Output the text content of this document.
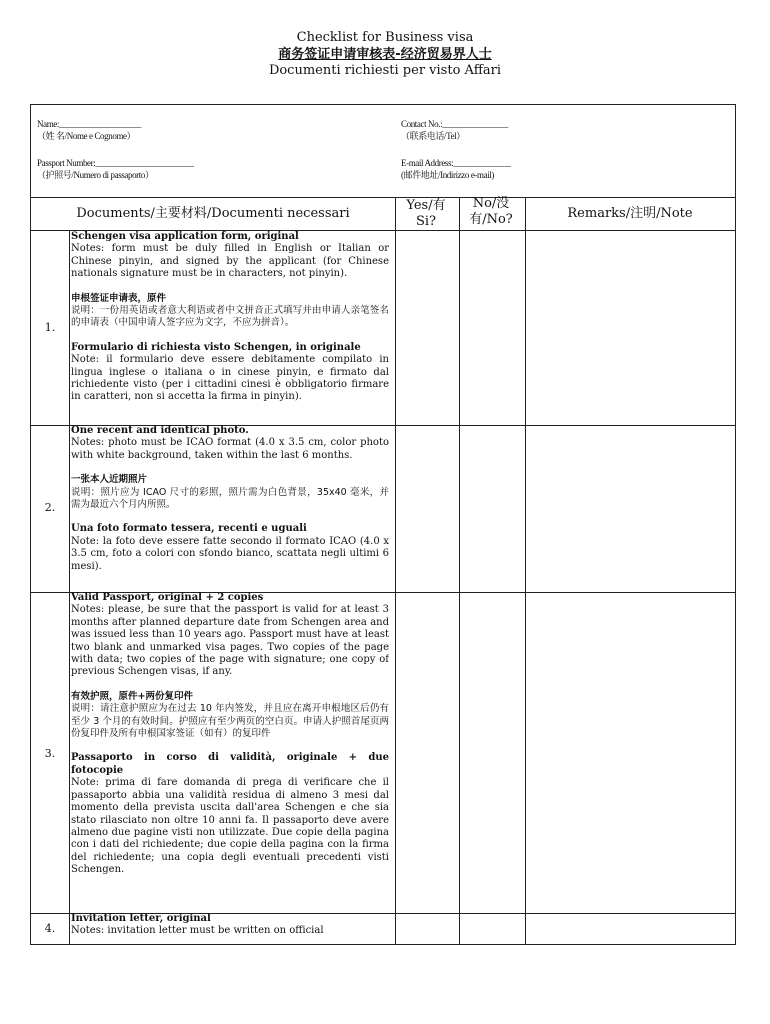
Checklist for Business visa
商务签证申请审核表-经济贸易界人士
Documenti richiesti per visto Affari
Name:____________________
（姓 名/Nome e Cognome）
Contact No.:________________
（联系电话/Tel）
Passport Number:________________________
（护照号/Numero di passaporto）
E-mail Address:______________
(邮件地址/Indirizzo e-mail)
Documents/主要材料/Documenti necessari
Yes/有
Si?
No/没
有/No?	Remarks/注明/Note
1.

Schengen visa application form, original

Notes: form must be duly filled in English or Italian or Chinese pinyin, and signed by the applicant (for Chinese nationals signature must be in characters, not pinyin).

申根签证申请表，原件

说明：一份用英语或者意大利语或者中文拼音正式填写并由申请人亲笔签名的申请表（中国申请人签字应为文字，不应为拼音）。

Formulario di richiesta visto Schengen, in originale

Note: il formulario deve essere debitamente compilato in lingua inglese o italiana o in cinese pinyin, e firmato dal richiedente visto (per i cittadini cinesi è obbligatorio firmare in caratteri, non si accetta la firma in pinyin).

2.

One recent and identical photo.

Notes: photo must be ICAO format (4.0 x 3.5 cm, color photo with white background, taken within the last 6 months.

一张本人近期照片

说明：照片应为 ICAO 尺寸的彩照，照片需为白色背景，35x40 毫米，并需为最近六个月内所照。

Una foto formato tessera, recenti e uguali

Note: la foto deve essere fatte secondo il formato ICAO (4.0 x 3.5 cm, foto a colori con sfondo bianco, scattata negli ultimi 6 mesi).

3.

Valid Passport, original + 2 copies

Notes: please, be sure that the passport is valid for at least 3 months after planned departure date from Schengen area and was issued less than 10 years ago. Passport must have at least two blank and unmarked visa pages. Two copies of the page with data; two copies of the page with signature; one copy of previous Schengen visas, if any.

有效护照，原件+两份复印件

说明：请注意护照应为在过去 10 年内签发，并且应在离开申根地区后仍有至少 3 个月的有效时间。护照应有至少两页的空白页。申请人护照首尾页两份复印件及所有申根国家签证（如有）的复印件

Passaporto in corso di validità, originale + due fotocopie

Note: prima di fare domanda di prega di verificare che il passaporto abbia una validità residua di almeno 3 mesi dal momento della prevista uscita dall'area Schengen e che sia stato rilasciato non oltre 10 anni fa. Il passaporto deve avere almeno due pagine visti non utilizzate. Due copie della pagina con i dati del richiedente; due copie della pagina con la firma del richiedente; una copia degli eventuali precedenti visti Schengen.

4.

Invitation letter, original

Notes: invitation letter must be written on official
